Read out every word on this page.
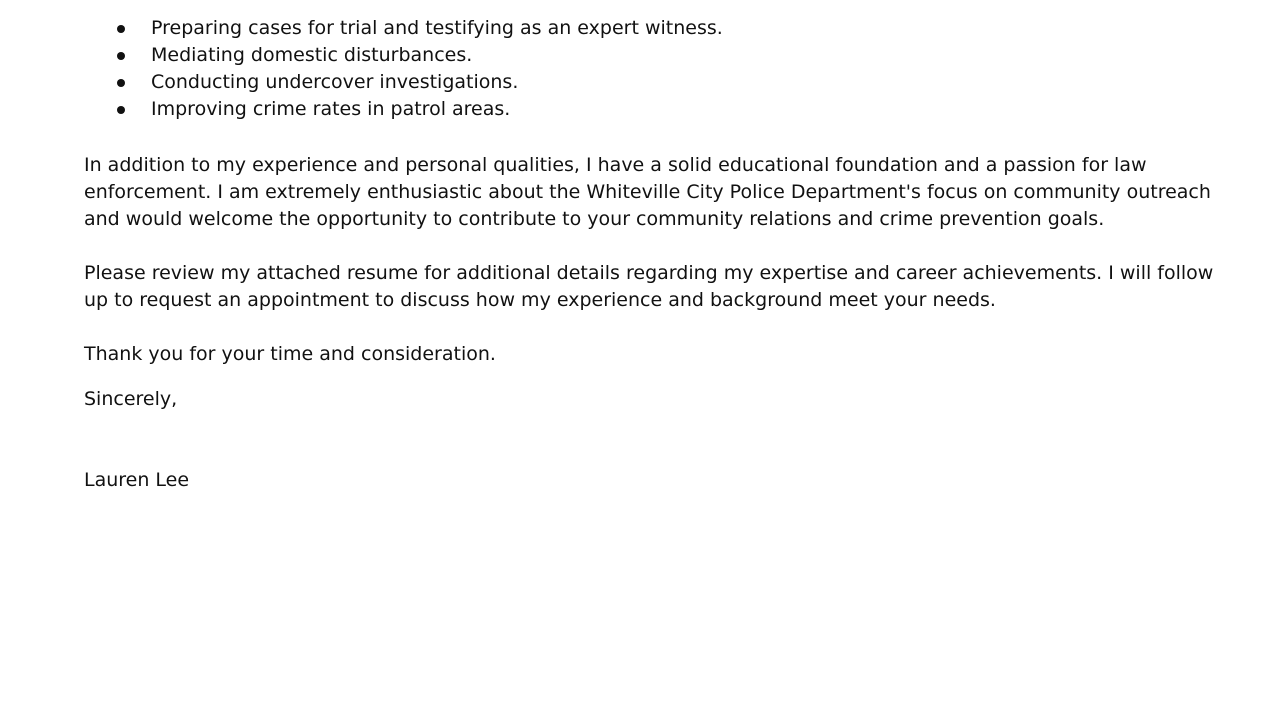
Preparing cases for trial and testifying as an expert witness.
Mediating domestic disturbances.
Conducting undercover investigations.
Improving crime rates in patrol areas.

In addition to my experience and personal qualities, I have a solid educational foundation and a passion for law
enforcement. I am extremely enthusiastic about the Whiteville City Police Department's focus on community outreach
and would welcome the opportunity to contribute to your community relations and crime prevention goals.

Please review my attached resume for additional details regarding my expertise and career achievements. I will follow
up to request an appointment to discuss how my experience and background meet your needs.

Thank you for your time and consideration.

Sincerely,

Lauren Lee
